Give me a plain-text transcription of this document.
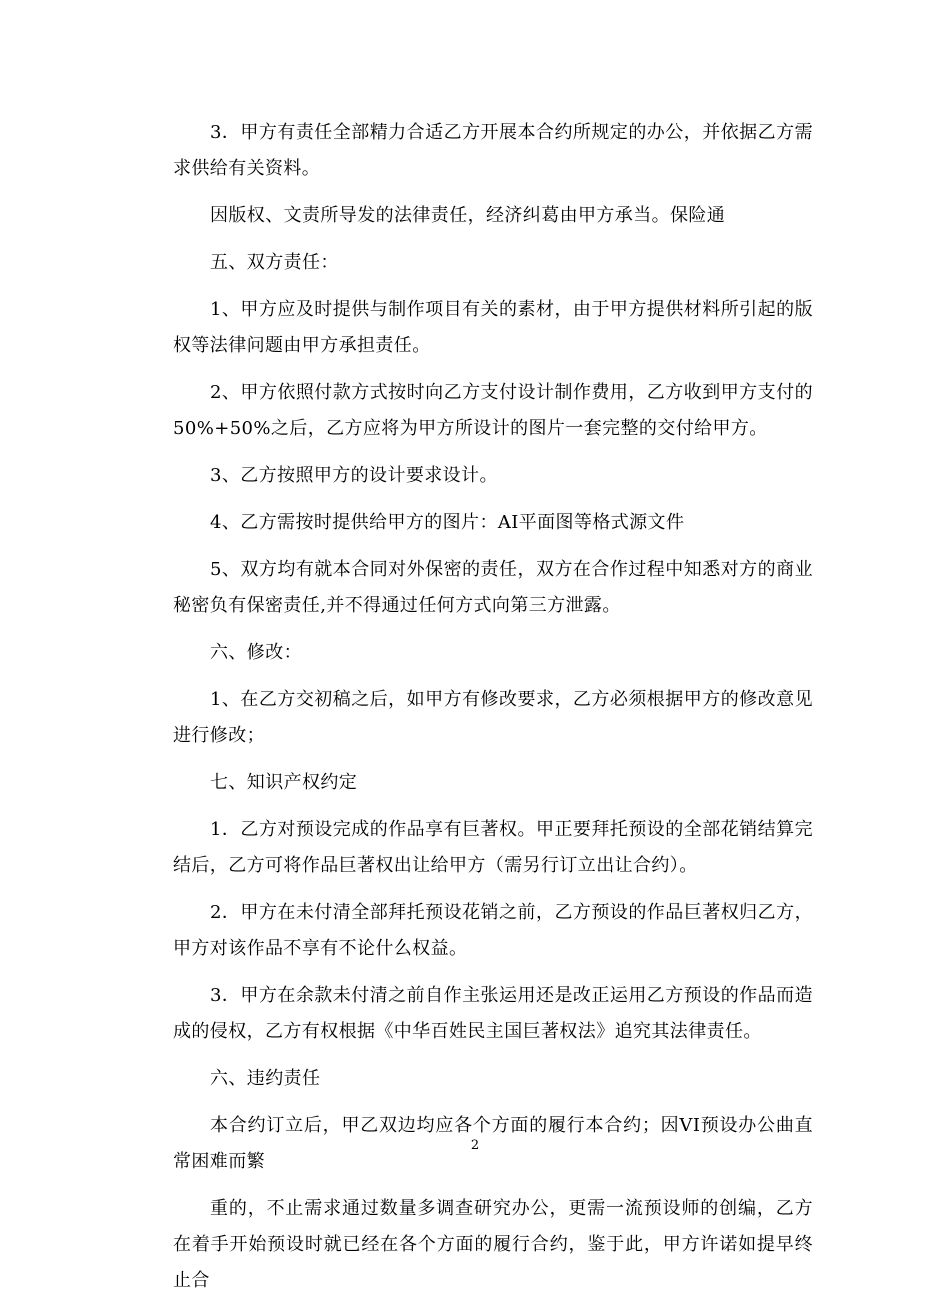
3．甲方有责任全部精力合适乙方开展本合约所规定的办公，并依据乙方需求供给有关资料。

因版权、文责所导发的法律责任，经济纠葛由甲方承当。保险通

五、双方责任：

1、甲方应及时提供与制作项目有关的素材，由于甲方提供材料所引起的版权等法律问题由甲方承担责任。

2、甲方依照付款方式按时向乙方支付设计制作费用，乙方收到甲方支付的50%+50%之后，乙方应将为甲方所设计的图片一套完整的交付给甲方。

3、乙方按照甲方的设计要求设计。

4、乙方需按时提供给甲方的图片：AI平面图等格式源文件

5、双方均有就本合同对外保密的责任，双方在合作过程中知悉对方的商业秘密负有保密责任,并不得通过任何方式向第三方泄露。

六、修改：

1、在乙方交初稿之后，如甲方有修改要求，乙方必须根据甲方的修改意见进行修改；

七、知识产权约定

1．乙方对预设完成的作品享有巨著权。甲正要拜托预设的全部花销结算完结后，乙方可将作品巨著权出让给甲方（需另行订立出让合约）。

2．甲方在未付清全部拜托预设花销之前，乙方预设的作品巨著权归乙方，甲方对该作品不享有不论什么权益。

3．甲方在余款未付清之前自作主张运用还是改正运用乙方预设的作品而造成的侵权，乙方有权根据《中华百姓民主国巨著权法》追究其法律责任。

六、违约责任

本合约订立后，甲乙双边均应各个方面的履行本合约；因VI预设办公曲直常困难而繁

重的，不止需求通过数量多调查研究办公，更需一流预设师的创编，乙方在着手开始预设时就已经在各个方面的履行合约，鉴于此，甲方许诺如提早终止合

2
